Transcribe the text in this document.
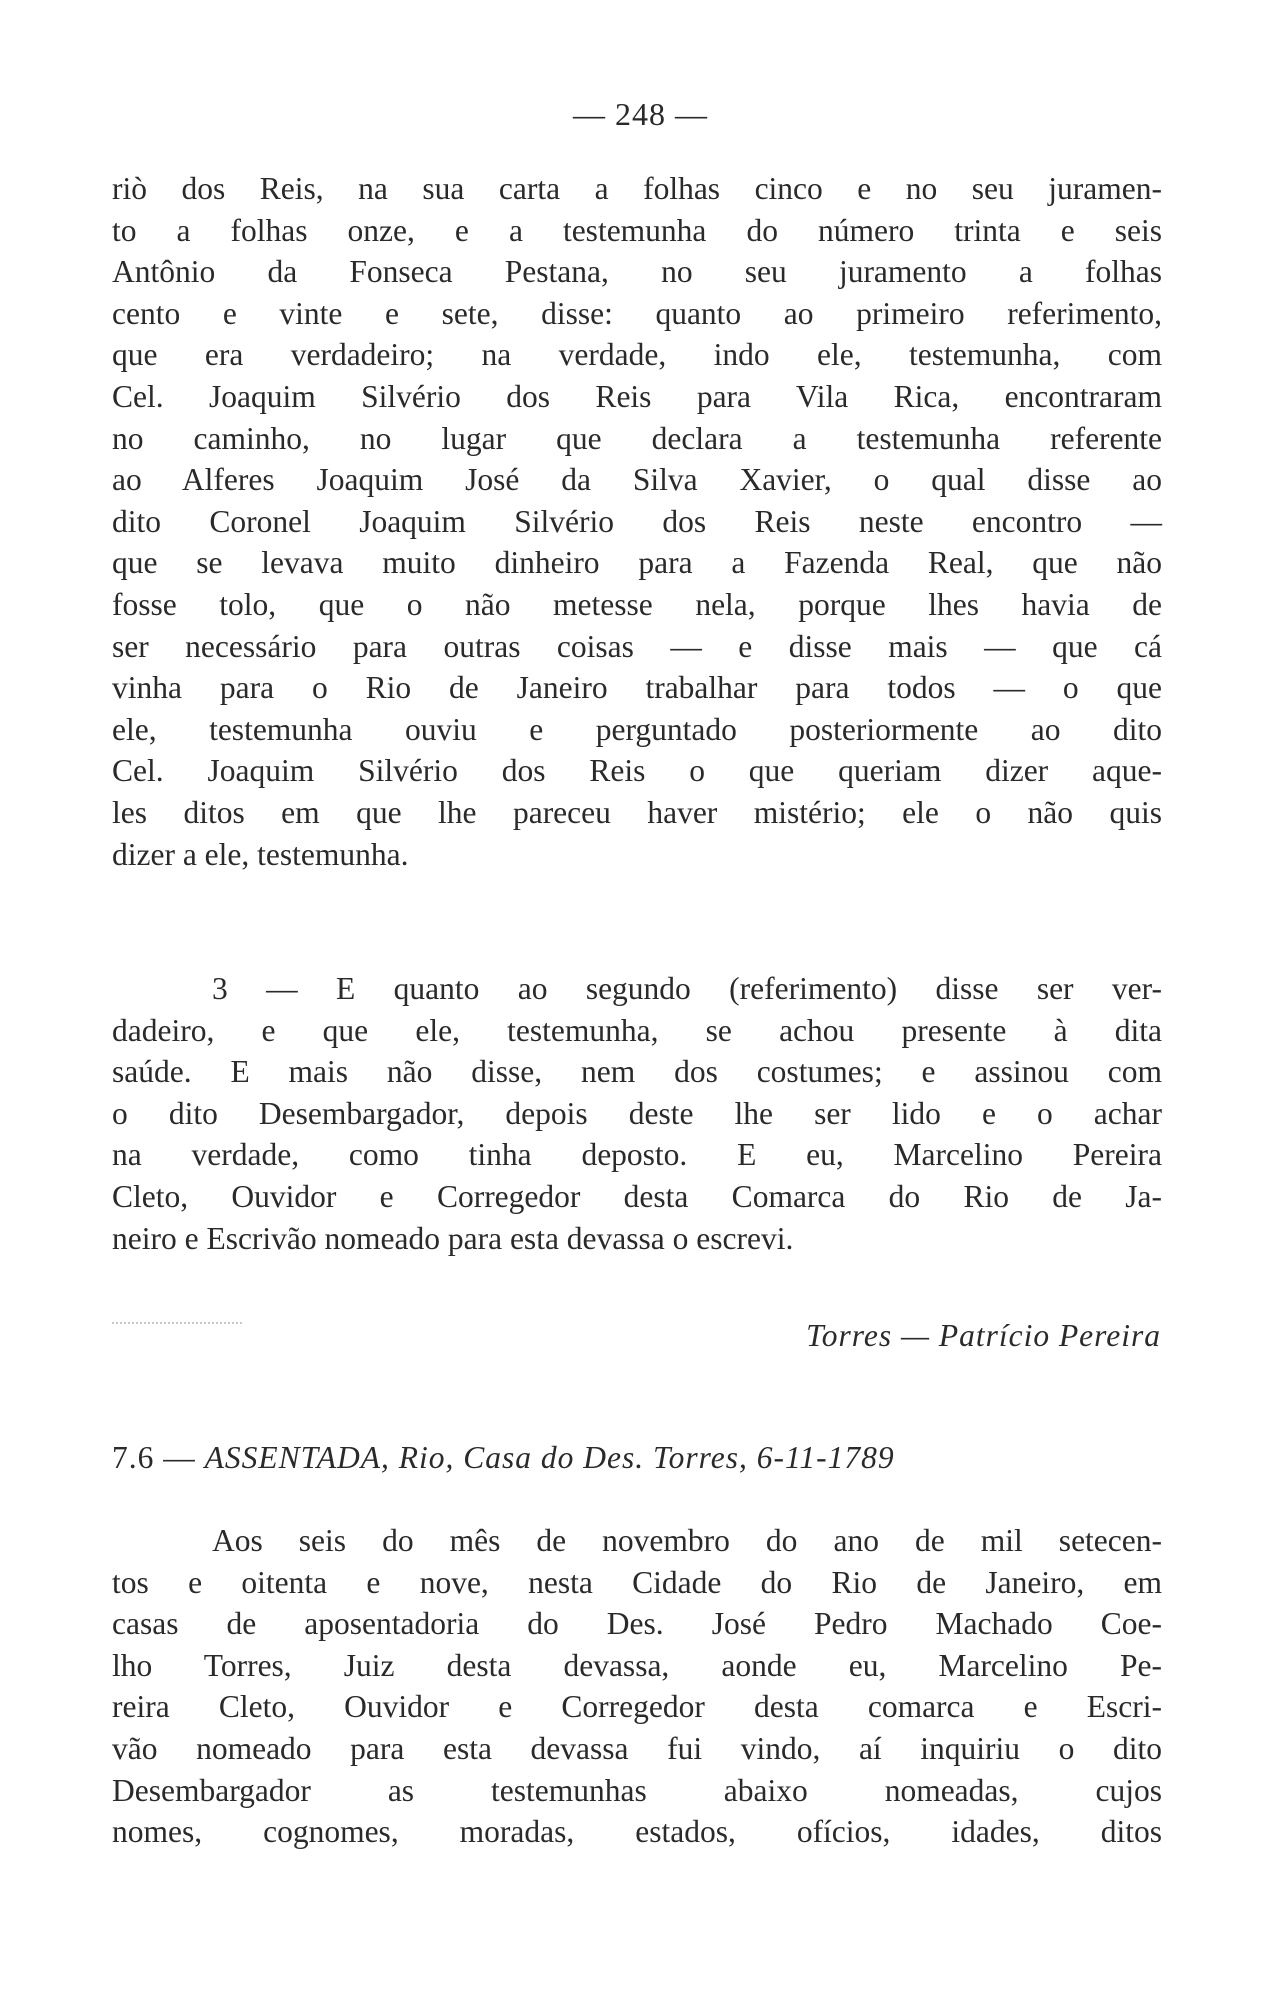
— 248 —
riò dos Reis, na sua carta a folhas cinco e no seu juramen-
to a folhas onze, e a testemunha do número trinta e seis
Antônio da Fonseca Pestana, no seu juramento a folhas
cento e vinte e sete, disse: quanto ao primeiro referimento,
que era verdadeiro; na verdade, indo ele, testemunha, com
Cel. Joaquim Silvério dos Reis para Vila Rica, encontraram
no caminho, no lugar que declara a testemunha referente
ao Alferes Joaquim José da Silva Xavier, o qual disse ao
dito Coronel Joaquim Silvério dos Reis neste encontro —
que se levava muito dinheiro para a Fazenda Real, que não
fosse tolo, que o não metesse nela, porque lhes havia de
ser necessário para outras coisas — e disse mais — que cá
vinha para o Rio de Janeiro trabalhar para todos — o que
ele, testemunha ouviu e perguntado posteriormente ao dito
Cel. Joaquim Silvério dos Reis o que queriam dizer aque-
les ditos em que lhe pareceu haver mistério; ele o não quis
dizer a ele, testemunha.
3 — E quanto ao segundo (referimento) disse ser ver-
dadeiro, e que ele, testemunha, se achou presente à dita
saúde. E mais não disse, nem dos costumes; e assinou com
o dito Desembargador, depois deste lhe ser lido e o achar
na verdade, como tinha deposto. E eu, Marcelino Pereira
Cleto, Ouvidor e Corregedor desta Comarca do Rio de Ja-
neiro e Escrivão nomeado para esta devassa o escrevi.
Torres — Patrício Pereira
7.6 — ASSENTADA, Rio, Casa do Des. Torres, 6-11-1789
Aos seis do mês de novembro do ano de mil setecen-
tos e oitenta e nove, nesta Cidade do Rio de Janeiro, em
casas de aposentadoria do Des. José Pedro Machado Coe-
lho Torres, Juiz desta devassa, aonde eu, Marcelino Pe-
reira Cleto, Ouvidor e Corregedor desta comarca e Escri-
vão nomeado para esta devassa fui vindo, aí inquiriu o dito
Desembargador as testemunhas abaixo nomeadas, cujos
nomes, cognomes, moradas, estados, ofícios, idades, ditos
